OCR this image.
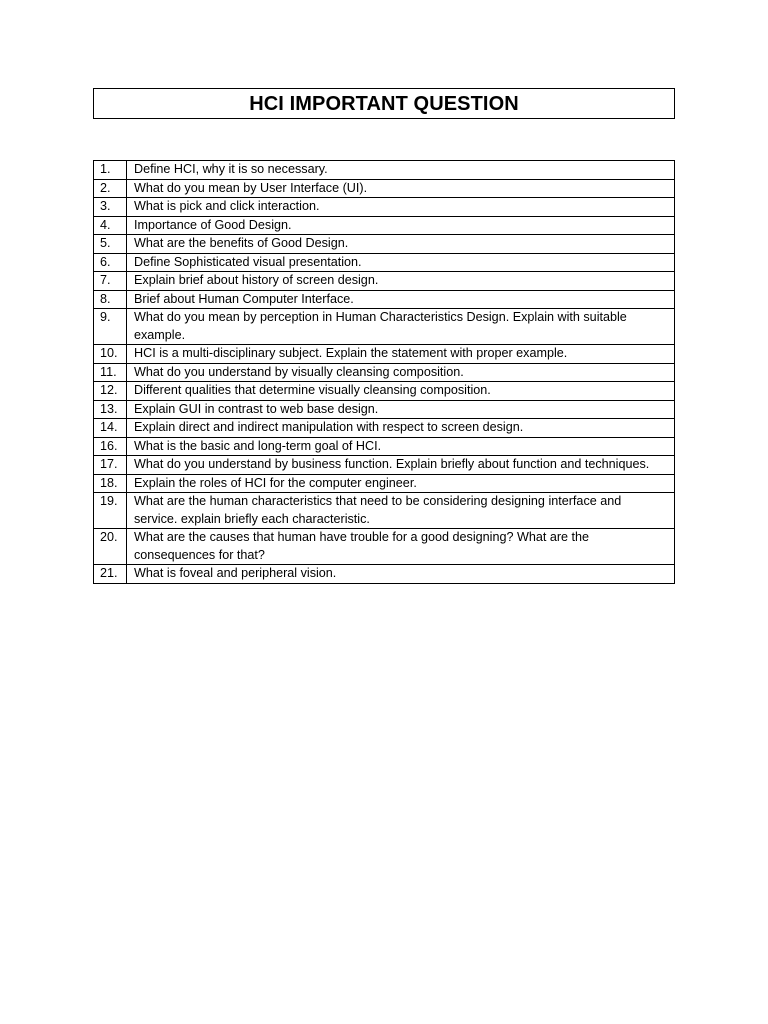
HCI IMPORTANT QUESTION
1.	Define HCI, why it is so necessary.
2.	What do you mean by User Interface (UI).
3.	What is pick and click interaction.
4.	Importance of Good Design.
5.	What are the benefits of Good Design.
6.	Define Sophisticated visual presentation.
7.	Explain brief about history of screen design.
8.	Brief about Human Computer Interface.
9.	What do you mean by perception in Human Characteristics Design. Explain with suitable example.
10.	HCI is a multi-disciplinary subject. Explain the statement with proper example.
11.	What do you understand by visually cleansing composition.
12.	Different qualities that determine visually cleansing composition.
13.	Explain GUI in contrast to web base design.
14.	Explain direct and indirect manipulation with respect to screen design.
16.	What is the basic and long-term goal of HCI.
17.	What do you understand by business function. Explain briefly about function and techniques.
18.	Explain the roles of HCI for the computer engineer.
19.	What are the human characteristics that need to be considering designing interface and service. explain briefly each characteristic.
20.	What are the causes that human have trouble for a good designing? What are the consequences for that?
21.	What is foveal and peripheral vision.
